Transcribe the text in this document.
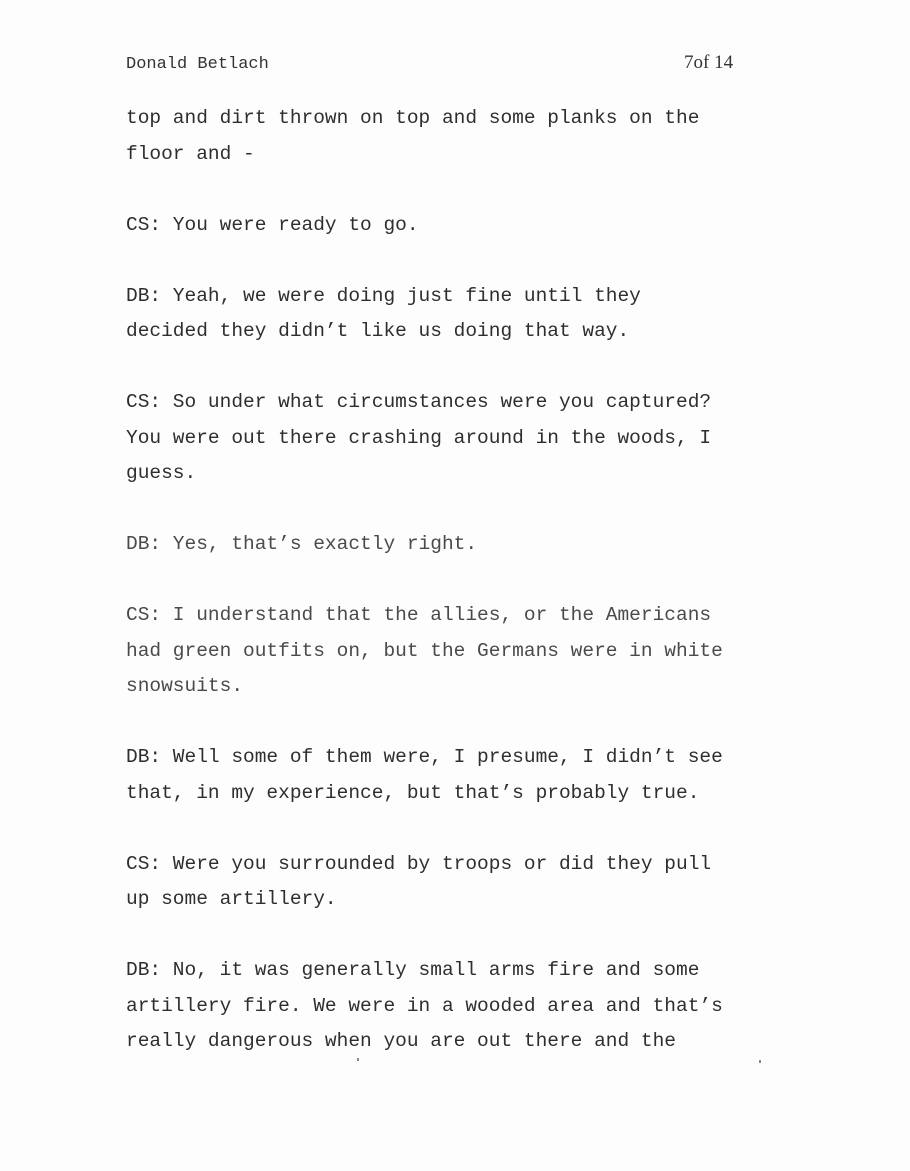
Donald Betlach	7of 14
top and dirt thrown on top and some planks on the
floor and -
CS: You were ready to go.
DB: Yeah, we were doing just fine until they
decided they didn’t like us doing that way.
CS: So under what circumstances were you captured?
You were out there crashing around in the woods, I
guess.
DB: Yes, that’s exactly right.
CS: I understand that the allies, or the Americans
had green outfits on, but the Germans were in white
snowsuits.
DB: Well some of them were, I presume, I didn’t see
that, in my experience, but that’s probably true.
CS: Were you surrounded by troops or did they pull
up some artillery.
DB: No, it was generally small arms fire and some
artillery fire. We were in a wooded area and that’s
really dangerous when you are out there and the
